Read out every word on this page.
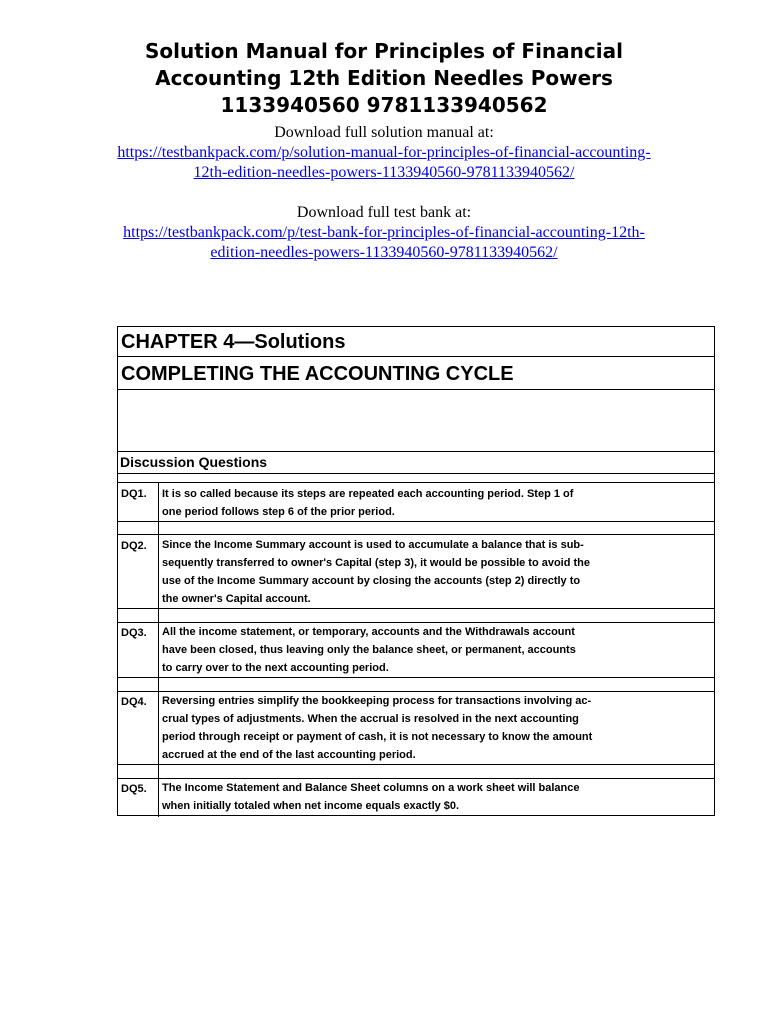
Solution Manual for Principles of Financial
Accounting 12th Edition Needles Powers
1133940560 9781133940562
Download full solution manual at:
https://testbankpack.com/p/solution-manual-for-principles-of-financial-accounting-
12th-edition-needles-powers-1133940560-9781133940562/
Download full test bank at:
https://testbankpack.com/p/test-bank-for-principles-of-financial-accounting-12th-
edition-needles-powers-1133940560-9781133940562/
CHAPTER 4—Solutions
COMPLETING THE ACCOUNTING CYCLE
Discussion Questions
DQ1. It is so called because its steps are repeated each accounting period. Step 1 of
one period follows step 6 of the prior period.
DQ2. Since the Income Summary account is used to accumulate a balance that is sub-
sequently transferred to owner's Capital (step 3), it would be possible to avoid the
use of the Income Summary account by closing the accounts (step 2) directly to
the owner's Capital account.
DQ3. All the income statement, or temporary, accounts and the Withdrawals account
have been closed, thus leaving only the balance sheet, or permanent, accounts
to carry over to the next accounting period.
DQ4. Reversing entries simplify the bookkeeping process for transactions involving ac-
crual types of adjustments. When the accrual is resolved in the next accounting
period through receipt or payment of cash, it is not necessary to know the amount
accrued at the end of the last accounting period.
DQ5. The Income Statement and Balance Sheet columns on a work sheet will balance
when initially totaled when net income equals exactly $0.
